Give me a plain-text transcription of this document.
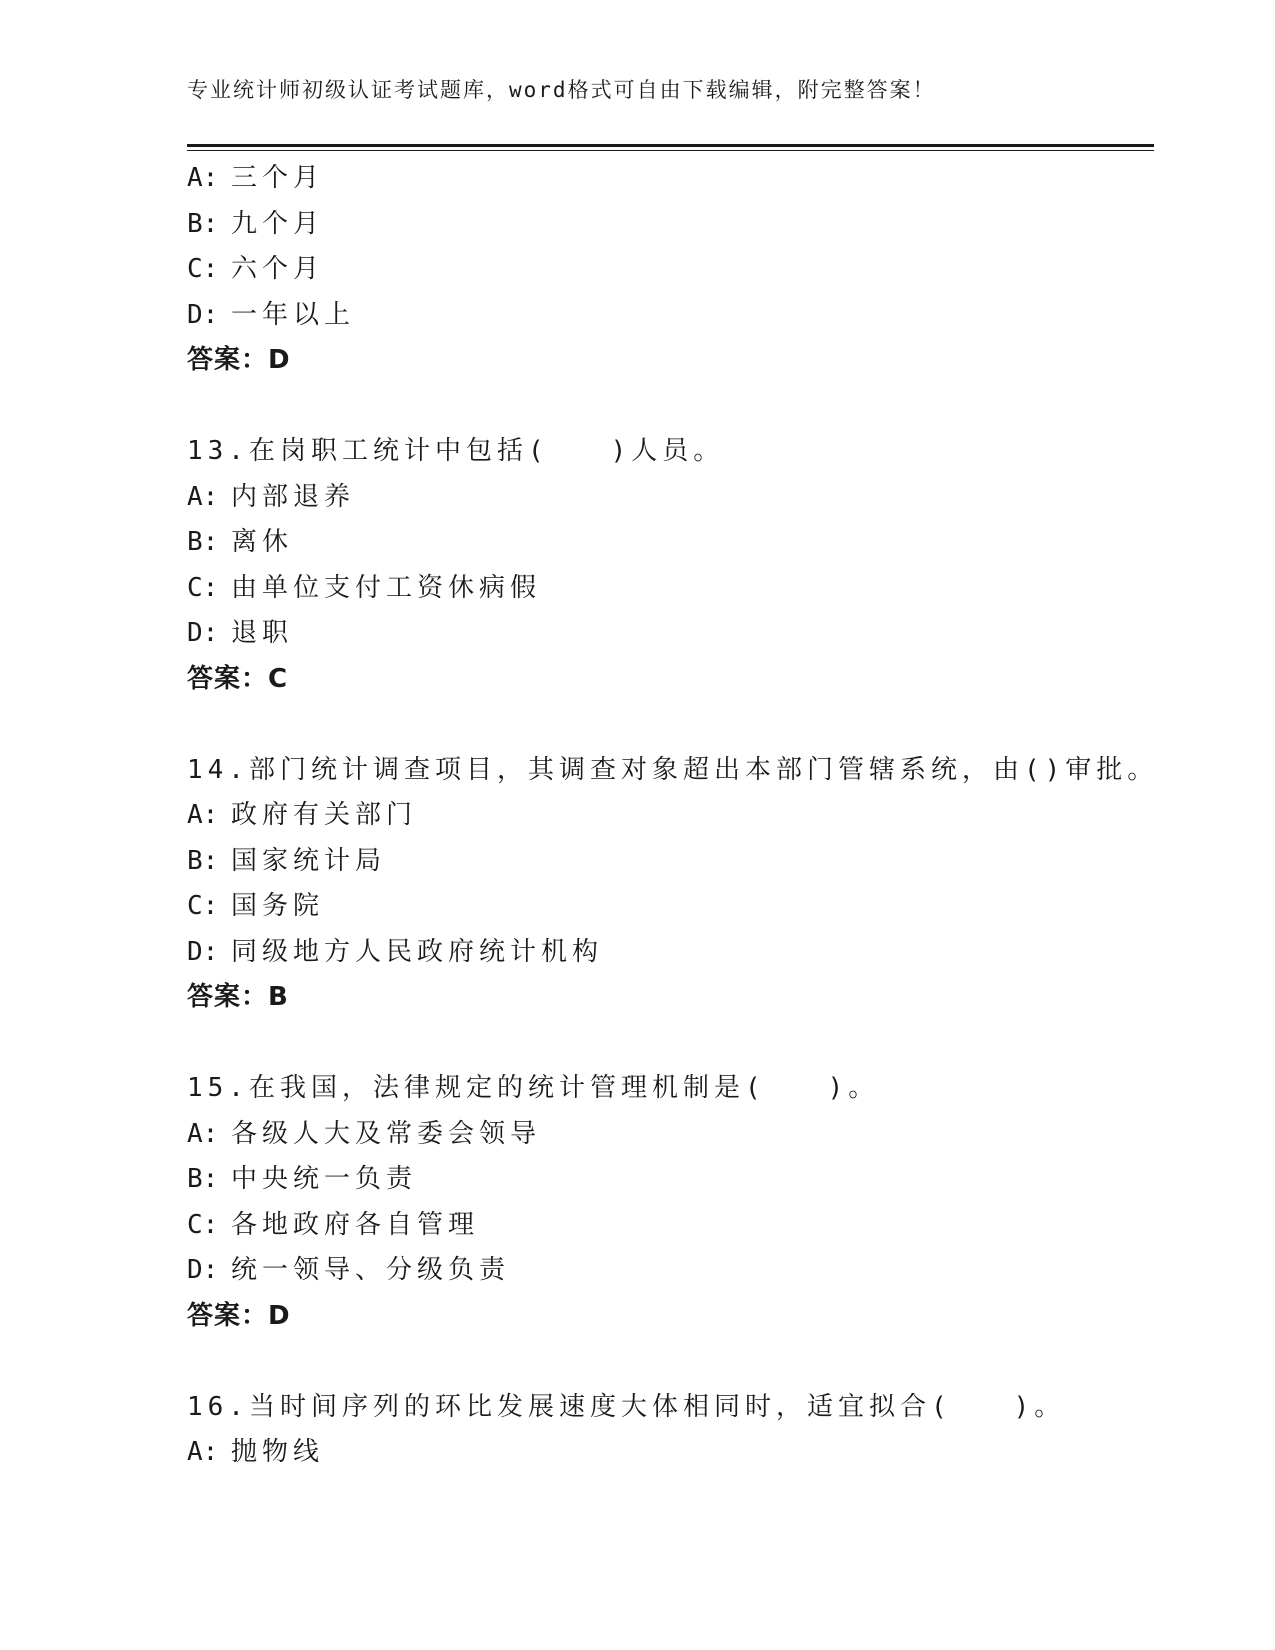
专业统计师初级认证考试题库，word格式可自由下载编辑，附完整答案！
A: 三个月
B: 九个月
C: 六个月
D: 一年以上
答案：D
13.在岗职工统计中包括(　　)人员。
A: 内部退养
B: 离休
C: 由单位支付工资休病假
D: 退职
答案：C
14.部门统计调查项目，其调查对象超出本部门管辖系统，由()审批。
A: 政府有关部门
B: 国家统计局
C: 国务院
D: 同级地方人民政府统计机构
答案：B
15.在我国，法律规定的统计管理机制是(　　)。
A: 各级人大及常委会领导
B: 中央统一负责
C: 各地政府各自管理
D: 统一领导、分级负责
答案：D
16.当时间序列的环比发展速度大体相同时，适宜拟合(　　)。
A: 抛物线
